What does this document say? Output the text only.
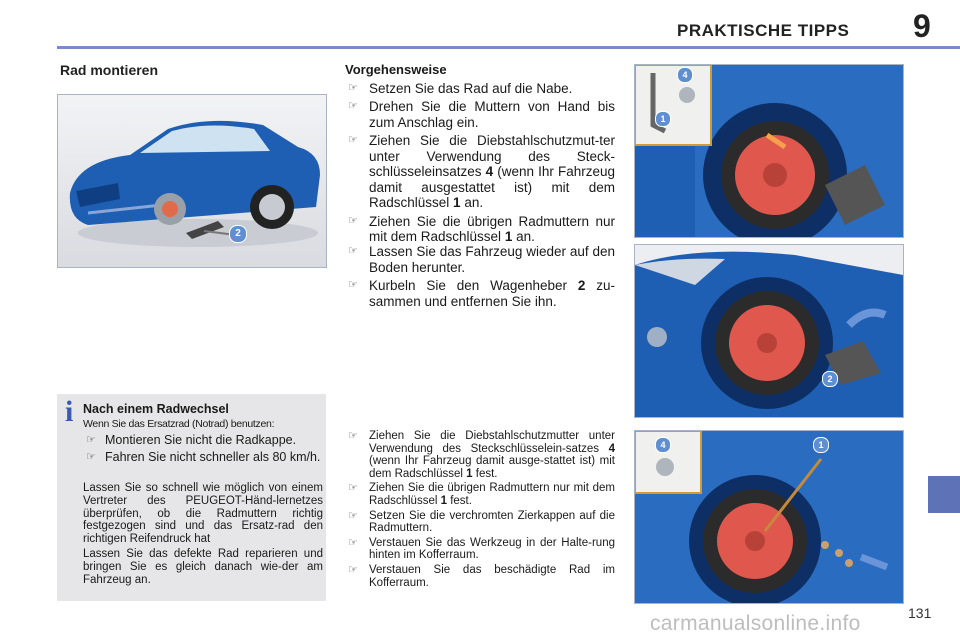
PRAKTISCHE TIPPS 9
Rad montieren
2
4
1
2
4	1
Vorgehensweise
☞ Setzen Sie das Rad auf die Nabe.
☞ Drehen Sie die Muttern von Hand bis zum Anschlag ein.
☞ Ziehen Sie die Diebstahlschutzmut-ter unter Verwendung des Steck-schlüsseleinsatzes 4 (wenn Ihr Fahrzeug damit ausgestattet ist) mit dem Radschlüssel 1 an.
☞ Ziehen Sie die übrigen Radmuttern nur mit dem Radschlüssel 1 an.
☞ Lassen Sie das Fahrzeug wieder auf den Boden herunter.
☞ Kurbeln Sie den Wagenheber 2 zu-sammen und entfernen Sie ihn.
☞ Ziehen Sie die Diebstahlschutzmutter unter Verwendung des Steckschlüsselein-satzes 4 (wenn Ihr Fahrzeug damit ausge-stattet ist) mit dem Radschlüssel 1 fest.
☞ Ziehen Sie die übrigen Radmuttern nur mit dem Radschlüssel 1 fest.
☞ Setzen Sie die verchromten Zierkappen auf die Radmuttern.
☞ Verstauen Sie das Werkzeug in der Halte-rung hinten im Kofferraum.
☞ Verstauen Sie das beschädigte Rad im Kofferraum.
i Nach einem Radwechsel
Wenn Sie das Ersatzrad (Notrad) benutzen:
☞ Montieren Sie nicht die Radkappe.
☞ Fahren Sie nicht schneller als 80 km/h.
Lassen Sie so schnell wie möglich von einem Vertreter des PEUGEOT-Händ-lernetzes überprüfen, ob die Radmuttern richtig festgezogen sind und das Ersatz-rad den richtigen Reifendruck hat
Lassen Sie das defekte Rad reparieren und bringen Sie es gleich danach wie-der am Fahrzeug an.
131
carmanualsonline.info
